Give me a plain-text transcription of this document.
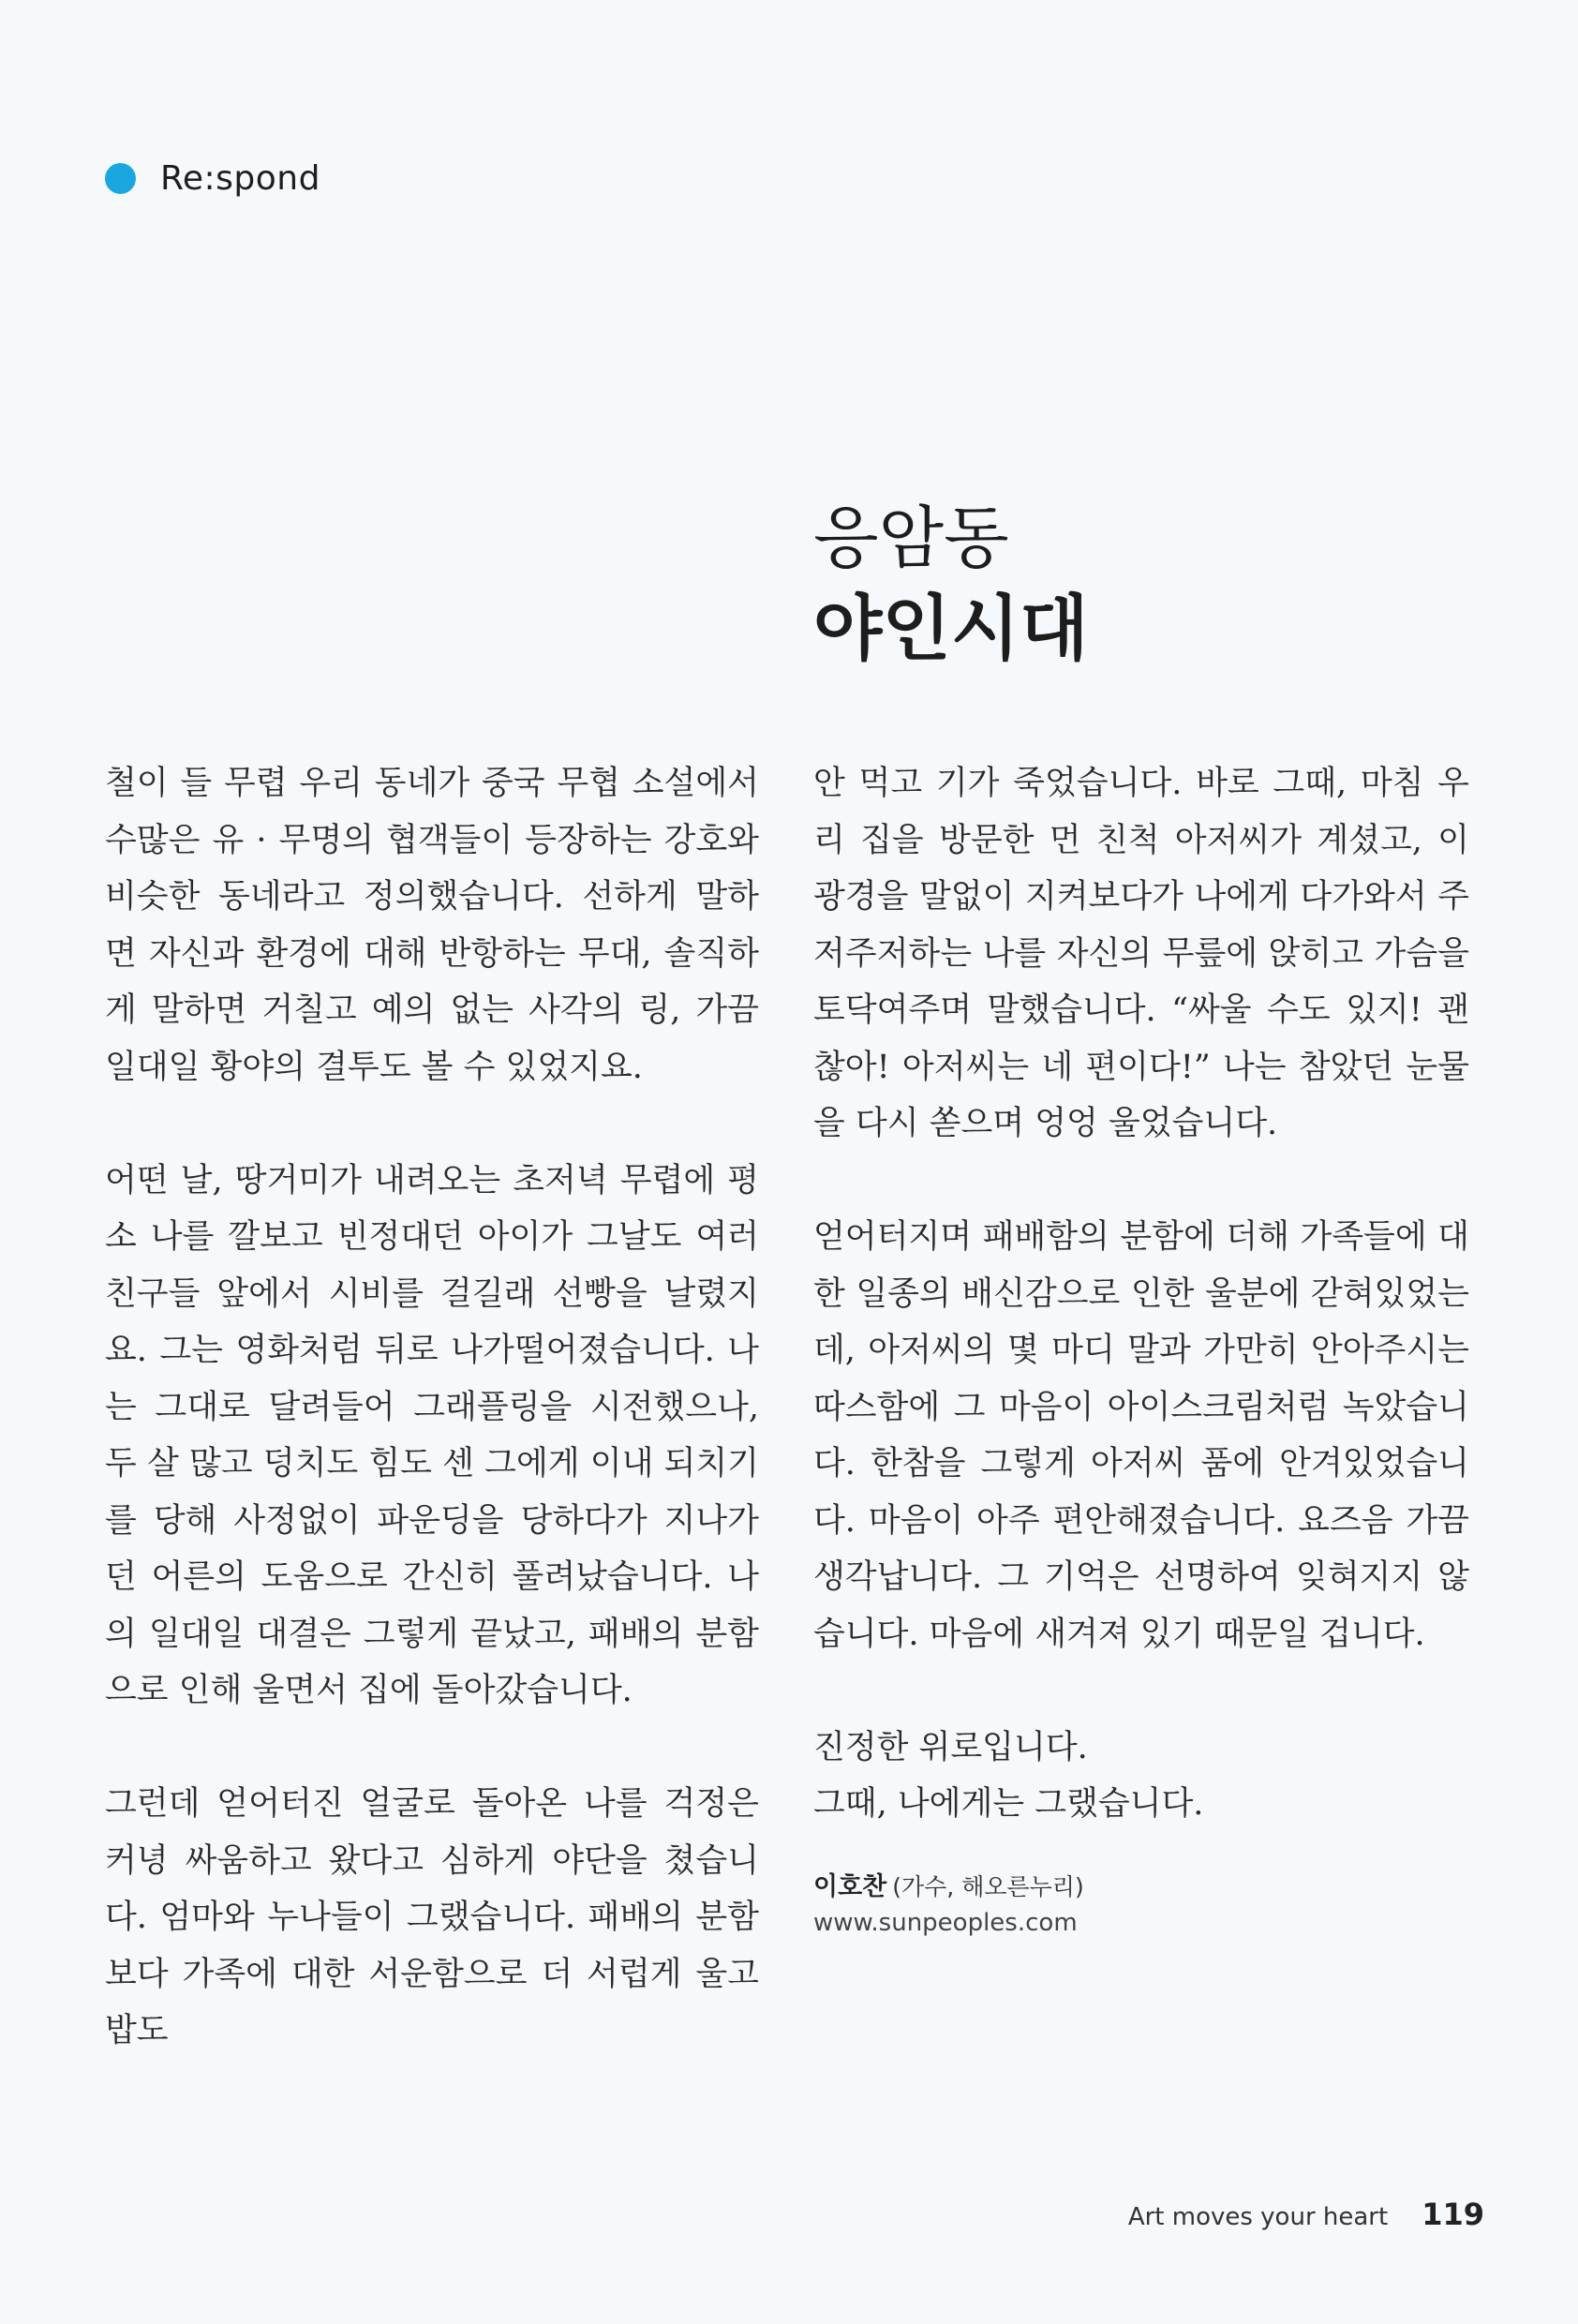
Re:spond
응암동
야인시대

철이 들 무렵 우리 동네가 중국 무협 소설에서 수많은 유 · 무명의 협객들이 등장하는 강호와 비슷한 동네라고 정의했습니다. 선하게 말하면 자신과 환경에 대해 반항하는 무대, 솔직하게 말하면 거칠고 예의 없는 사각의 링, 가끔 일대일 황야의 결투도 볼 수 있었지요.

어떤 날, 땅거미가 내려오는 초저녁 무렵에 평소 나를 깔보고 빈정대던 아이가 그날도 여러친구들 앞에서 시비를 걸길래 선빵을 날렸지요. 그는 영화처럼 뒤로 나가떨어졌습니다. 나는 그대로 달려들어 그래플링을 시전했으나, 두 살 많고 덩치도 힘도 센 그에게 이내 되치기를 당해 사정없이 파운딩을 당하다가 지나가던 어른의 도움으로 간신히 풀려났습니다. 나의 일대일 대결은 그렇게 끝났고, 패배의 분함으로 인해 울면서 집에 돌아갔습니다.

그런데 얻어터진 얼굴로 돌아온 나를 걱정은 커녕 싸움하고 왔다고 심하게 야단을 쳤습니다. 엄마와 누나들이 그랬습니다. 패배의 분함보다 가족에 대한 서운함으로 더 서럽게 울고 밥도

안 먹고 기가 죽었습니다. 바로 그때, 마침 우리 집을 방문한 먼 친척 아저씨가 계셨고, 이 광경을 말없이 지켜보다가 나에게 다가와서 주저주저하는 나를 자신의 무릎에 앉히고 가슴을 토닥여주며 말했습니다. “싸울 수도 있지! 괜찮아! 아저씨는 네 편이다!” 나는 참았던 눈물을 다시 쏟으며 엉엉 울었습니다.

얻어터지며 패배함의 분함에 더해 가족들에 대한 일종의 배신감으로 인한 울분에 갇혀있었는데, 아저씨의 몇 마디 말과 가만히 안아주시는 따스함에 그 마음이 아이스크림처럼 녹았습니다. 한참을 그렇게 아저씨 품에 안겨있었습니다. 마음이 아주 편안해졌습니다. 요즈음 가끔 생각납니다. 그 기억은 선명하여 잊혀지지 않습니다. 마음에 새겨져 있기 때문일 겁니다.

진정한 위로입니다.

그때, 나에게는 그랬습니다.

이호찬 (가수, 해오른누리)
www.sunpeoples.com
Art moves your heart 119
